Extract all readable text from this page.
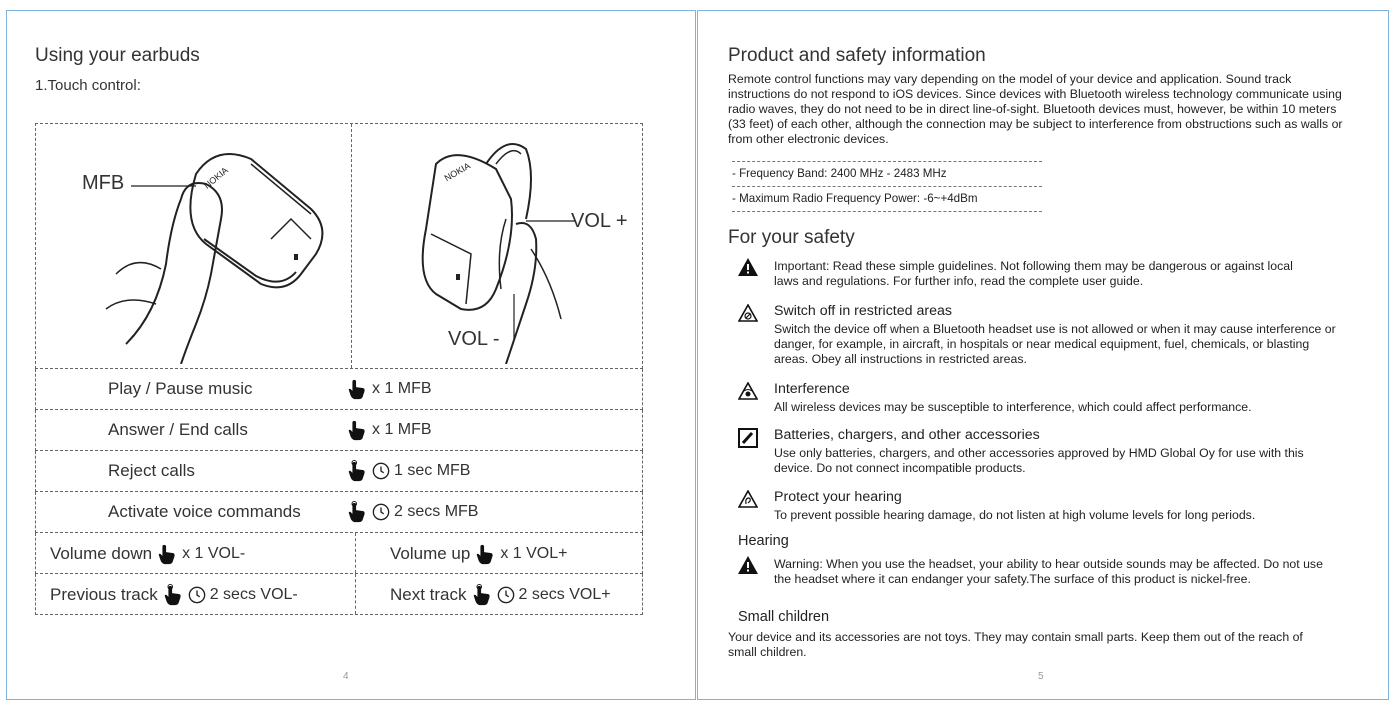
Using your earbuds
1.Touch control:
NOKIA
MFB	NOKIA
VOL +
VOL -
Play / Pause music	x 1 MFB
Answer / End calls	x 1 MFB
Reject calls	1 sec MFB
Activate voice commands	2 secs MFB
Volume down x 1 VOL-	Volume up x 1 VOL+
Previous track	2 secs VOL-	Next track	2 secs VOL+
4
Product and safety information
Remote control functions may vary depending on the model of your device and application. Sound track instructions do not respond to iOS devices. Since devices with Bluetooth wireless technology communicate using radio waves, they do not need to be in direct line-of-sight. Bluetooth devices must, however, be within 10 meters (33 feet) of each other, although the connection may be subject to interference from obstructions such as walls or from other electronic devices.
- Frequency Band: 2400 MHz - 2483 MHz
- Maximum Radio Frequency Power: -6~+4dBm
For your safety
Important: Read these simple guidelines. Not following them may be dangerous or against local laws and regulations. For further info, read the complete user guide.
Switch off in restricted areas
Switch the device off when a Bluetooth headset use is not allowed or when it may cause interference or danger, for example, in aircraft, in hospitals or near medical equipment, fuel, chemicals, or blasting areas. Obey all instructions in restricted areas.
Interference
All wireless devices may be susceptible to interference, which could affect performance.
Batteries, chargers, and other accessories
Use only batteries, chargers, and other accessories approved by HMD Global Oy for use with this device. Do not connect incompatible products.
Protect your hearing
To prevent possible hearing damage, do not listen at high volume levels for long periods.
Hearing
Warning: When you use the headset, your ability to hear outside sounds may be affected. Do not use the headset where it can endanger your safety.The surface of this product is nickel-free.
Small children
Your device and its accessories are not toys. They may contain small parts. Keep them out of the reach of small children.
5
